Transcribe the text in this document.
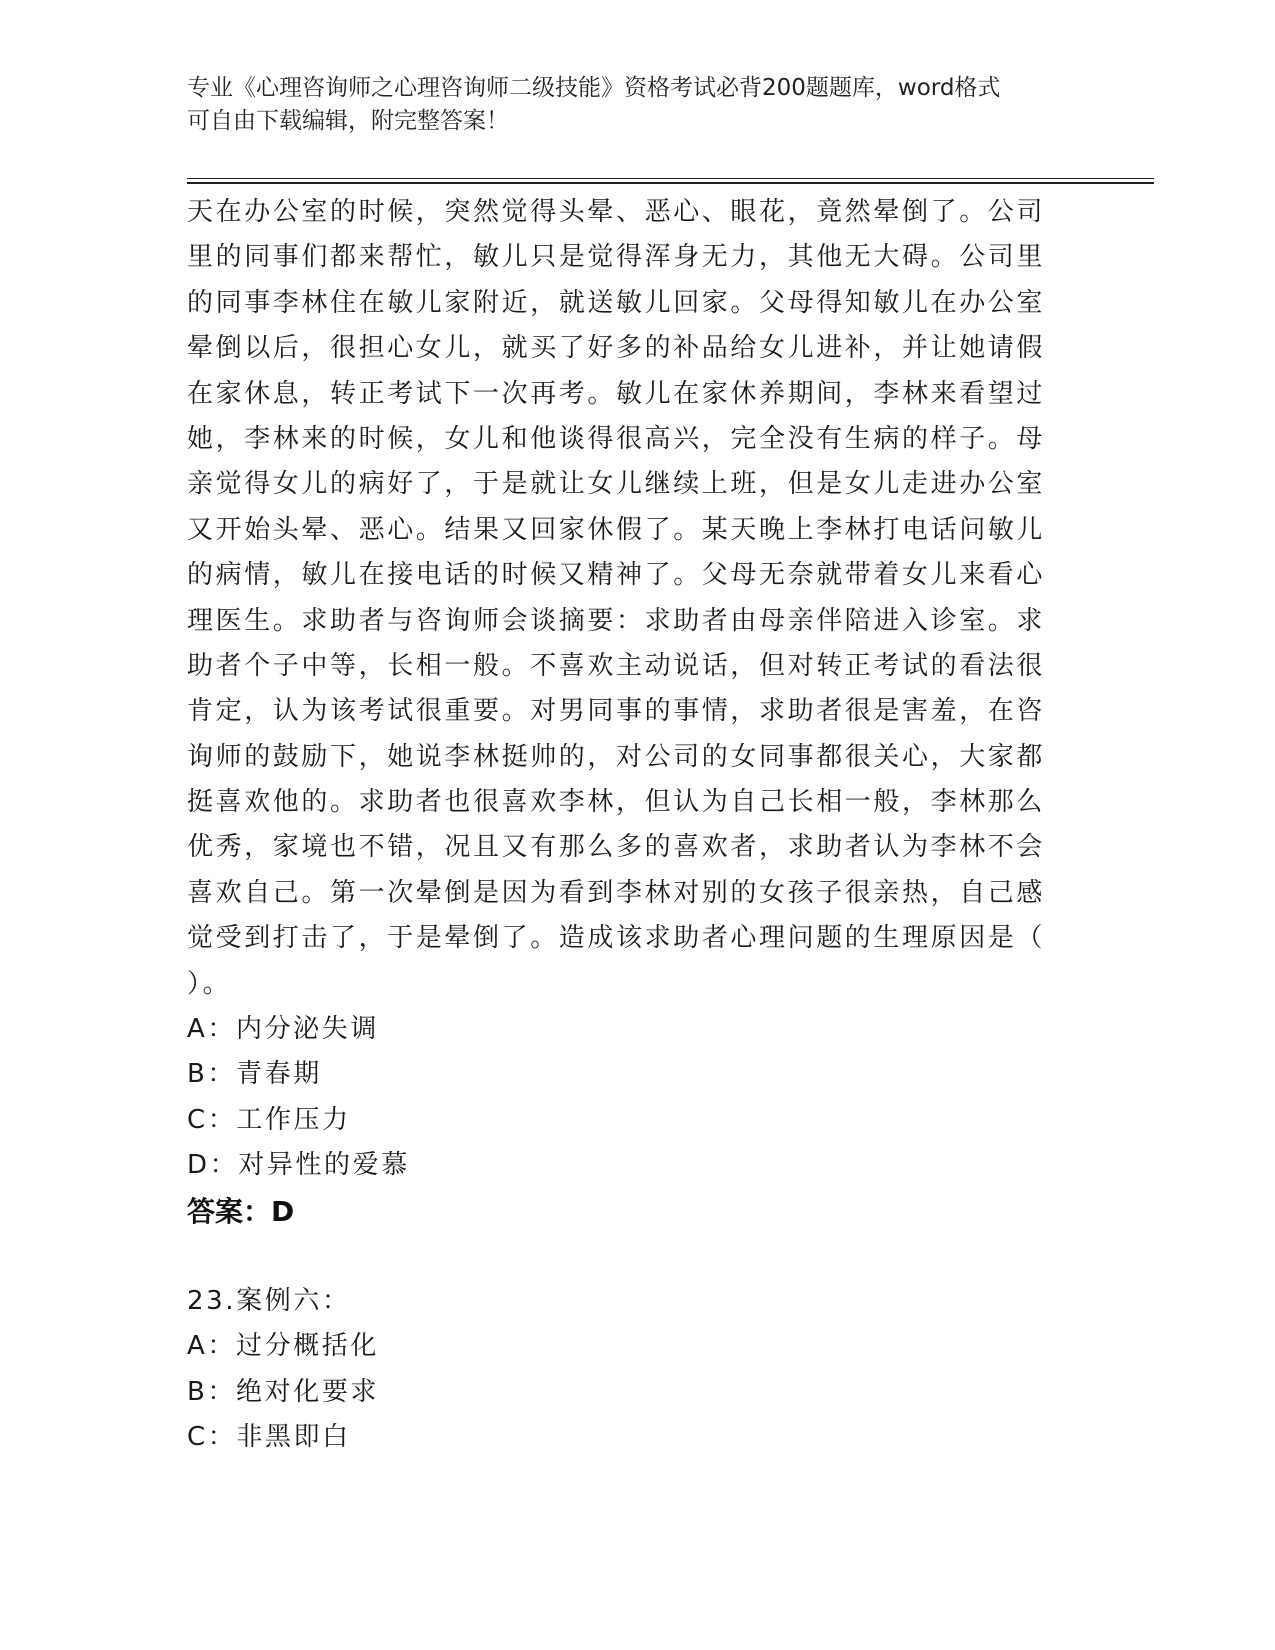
专业《心理咨询师之心理咨询师二级技能》资格考试必背200题题库，word格式
可自由下载编辑，附完整答案！
天在办公室的时候，突然觉得头晕、恶心、眼花，竟然晕倒了。公司
里的同事们都来帮忙，敏儿只是觉得浑身无力，其他无大碍。公司里
的同事李林住在敏儿家附近，就送敏儿回家。父母得知敏儿在办公室
晕倒以后，很担心女儿，就买了好多的补品给女儿进补，并让她请假
在家休息，转正考试下一次再考。敏儿在家休养期间，李林来看望过
她，李林来的时候，女儿和他谈得很高兴，完全没有生病的样子。母
亲觉得女儿的病好了，于是就让女儿继续上班，但是女儿走进办公室
又开始头晕、恶心。结果又回家休假了。某天晚上李林打电话问敏儿
的病情，敏儿在接电话的时候又精神了。父母无奈就带着女儿来看心
理医生。求助者与咨询师会谈摘要：求助者由母亲伴陪进入诊室。求
助者个子中等，长相一般。不喜欢主动说话，但对转正考试的看法很
肯定，认为该考试很重要。对男同事的事情，求助者很是害羞，在咨
询师的鼓励下，她说李林挺帅的，对公司的女同事都很关心，大家都
挺喜欢他的。求助者也很喜欢李林，但认为自己长相一般，李林那么
优秀，家境也不错，况且又有那么多的喜欢者，求助者认为李林不会
喜欢自己。第一次晕倒是因为看到李林对别的女孩子很亲热，自己感
觉受到打击了，于是晕倒了。造成该求助者心理问题的生理原因是（
）。
A：内分泌失调
B：青春期
C：工作压力
D：对异性的爱慕
答案：D
23.案例六：
A：过分概括化
B：绝对化要求
C：非黑即白
